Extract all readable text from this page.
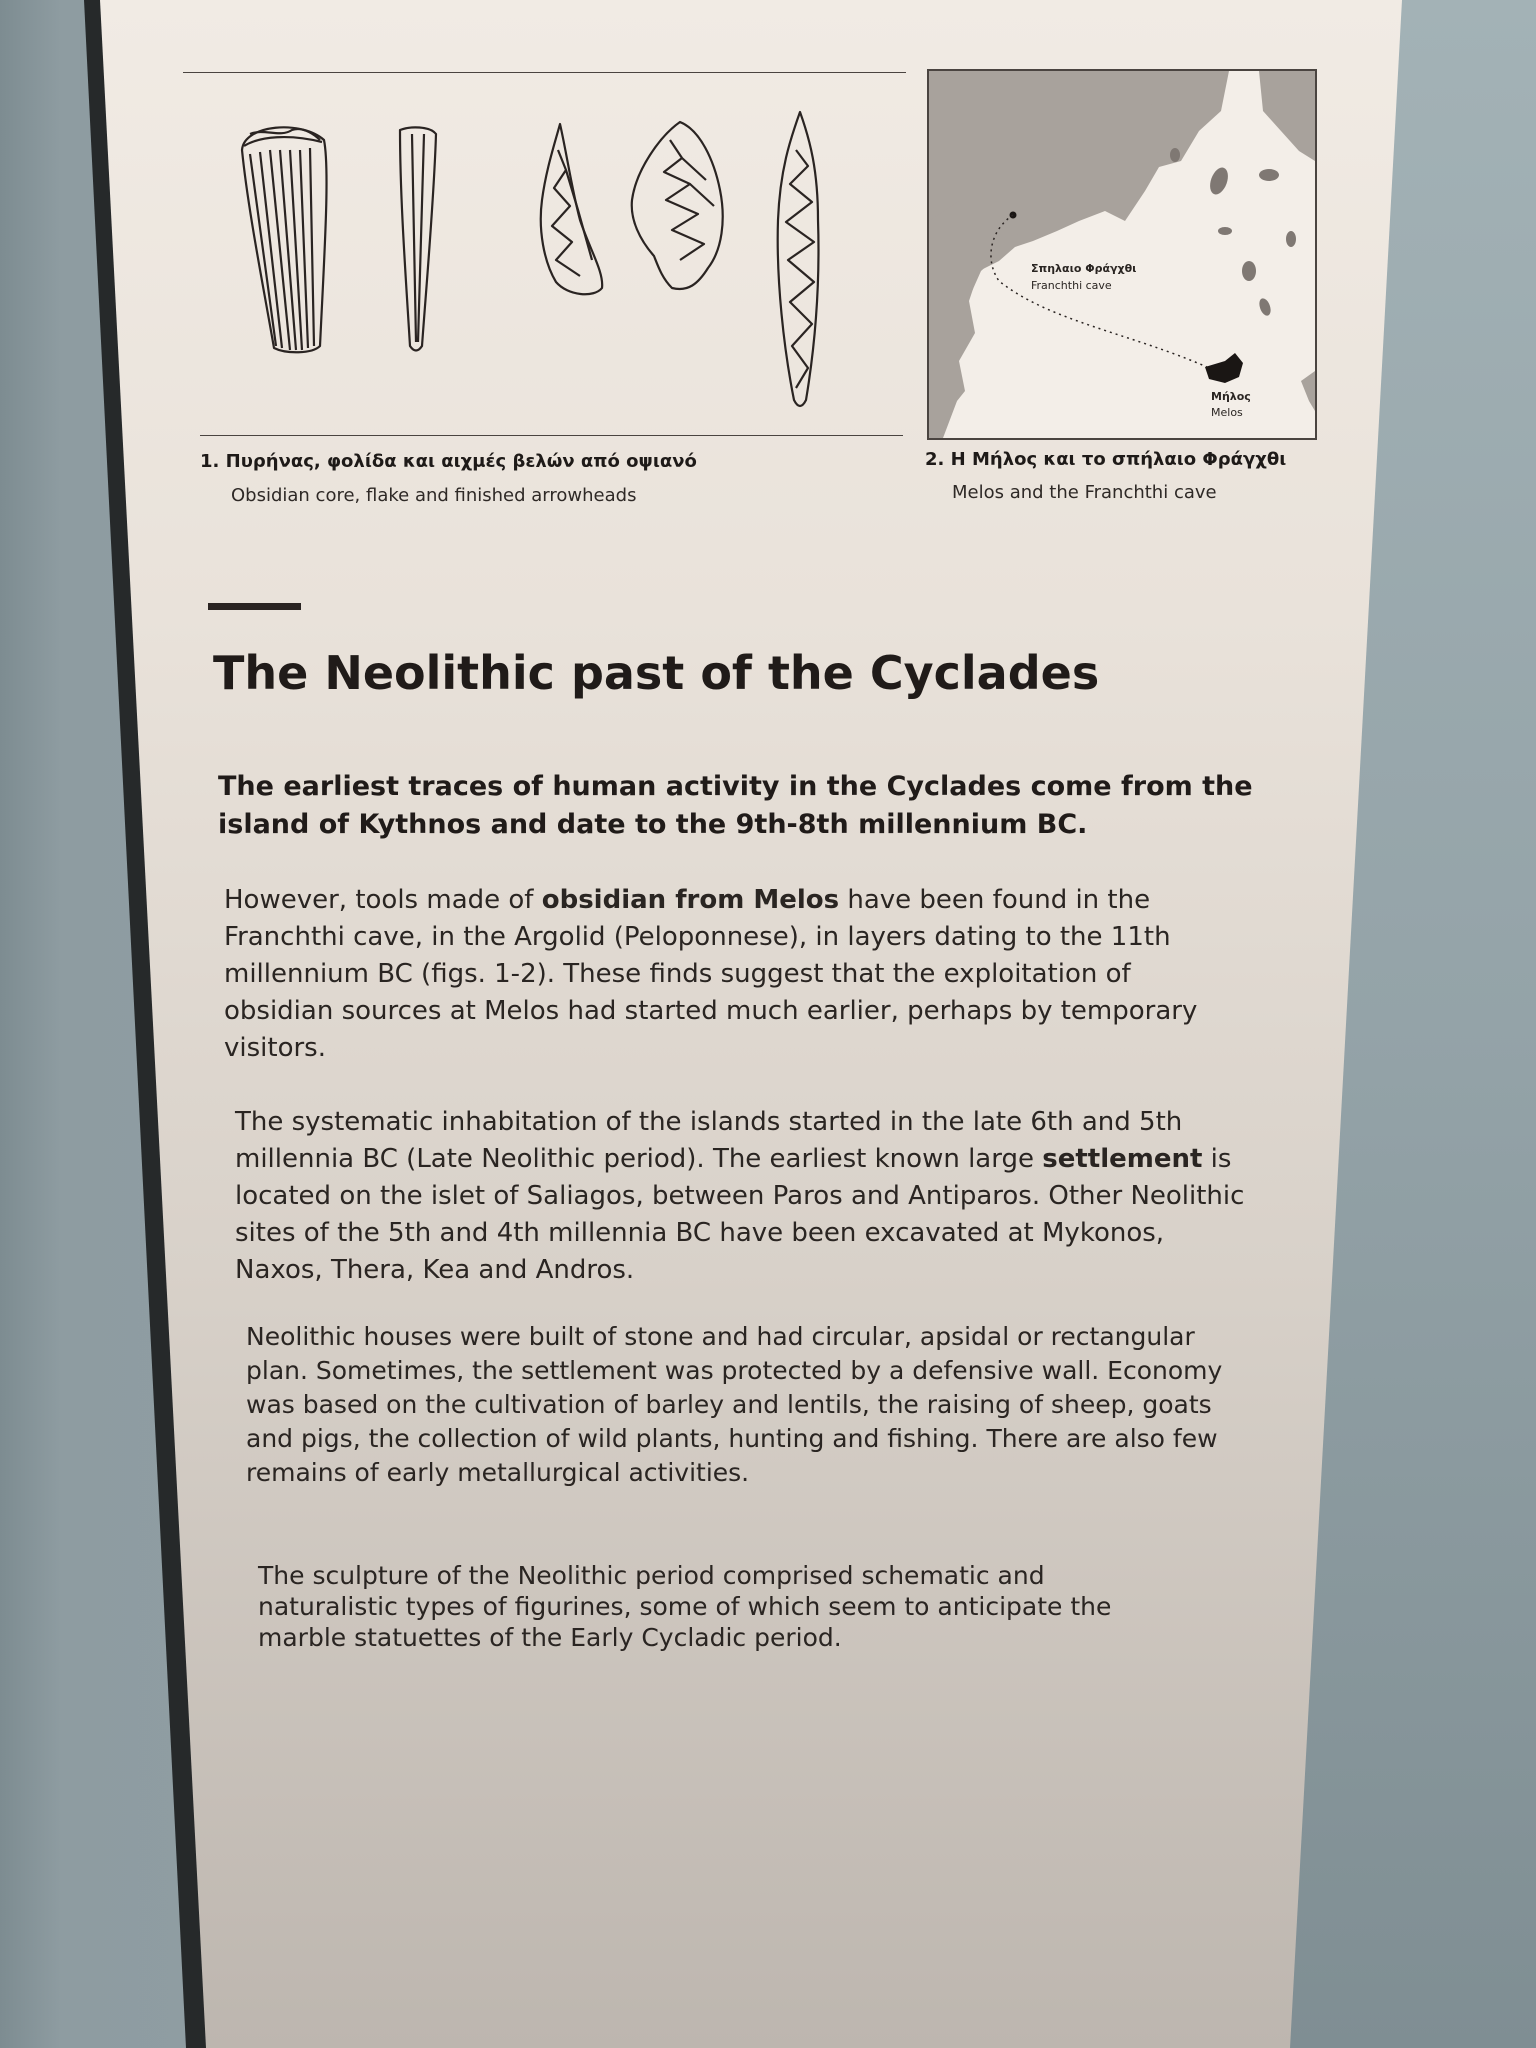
1. Πυρήνας, φολίδα και αιχμές βελών από οψιανό
Obsidian core, flake and finished arrowheads
Σπηλαιο Φράγχθι
Franchthi cave
Μήλος
Melos
2. Η Μήλος και το σπήλαιο Φράγχθι
Melos and the Franchthi cave
The Neolithic past of the Cyclades
The earliest traces of human activity in the Cyclades come from the island of Kythnos and date to the 9th-8th millennium BC.
However, tools made of obsidian from Melos have been found in the Franchthi cave, in the Argolid (Peloponnese), in layers dating to the 11th millennium BC (figs. 1-2). These finds suggest that the exploitation of obsidian sources at Melos had started much earlier, perhaps by temporary visitors.
The systematic inhabitation of the islands started in the late 6th and 5th millennia BC (Late Neolithic period). The earliest known large settlement is located on the islet of Saliagos, between Paros and Antiparos. Other Neolithic sites of the 5th and 4th millennia BC have been excavated at Mykonos, Naxos, Thera, Kea and Andros.
Neolithic houses were built of stone and had circular, apsidal or rectangular plan. Sometimes, the settlement was protected by a defensive wall. Economy was based on the cultivation of barley and lentils, the raising of sheep, goats and pigs, the collection of wild plants, hunting and fishing. There are also few remains of early metallurgical activities.
The sculpture of the Neolithic period comprised schematic and naturalistic types of figurines, some of which seem to anticipate the marble statuettes of the Early Cycladic period.
